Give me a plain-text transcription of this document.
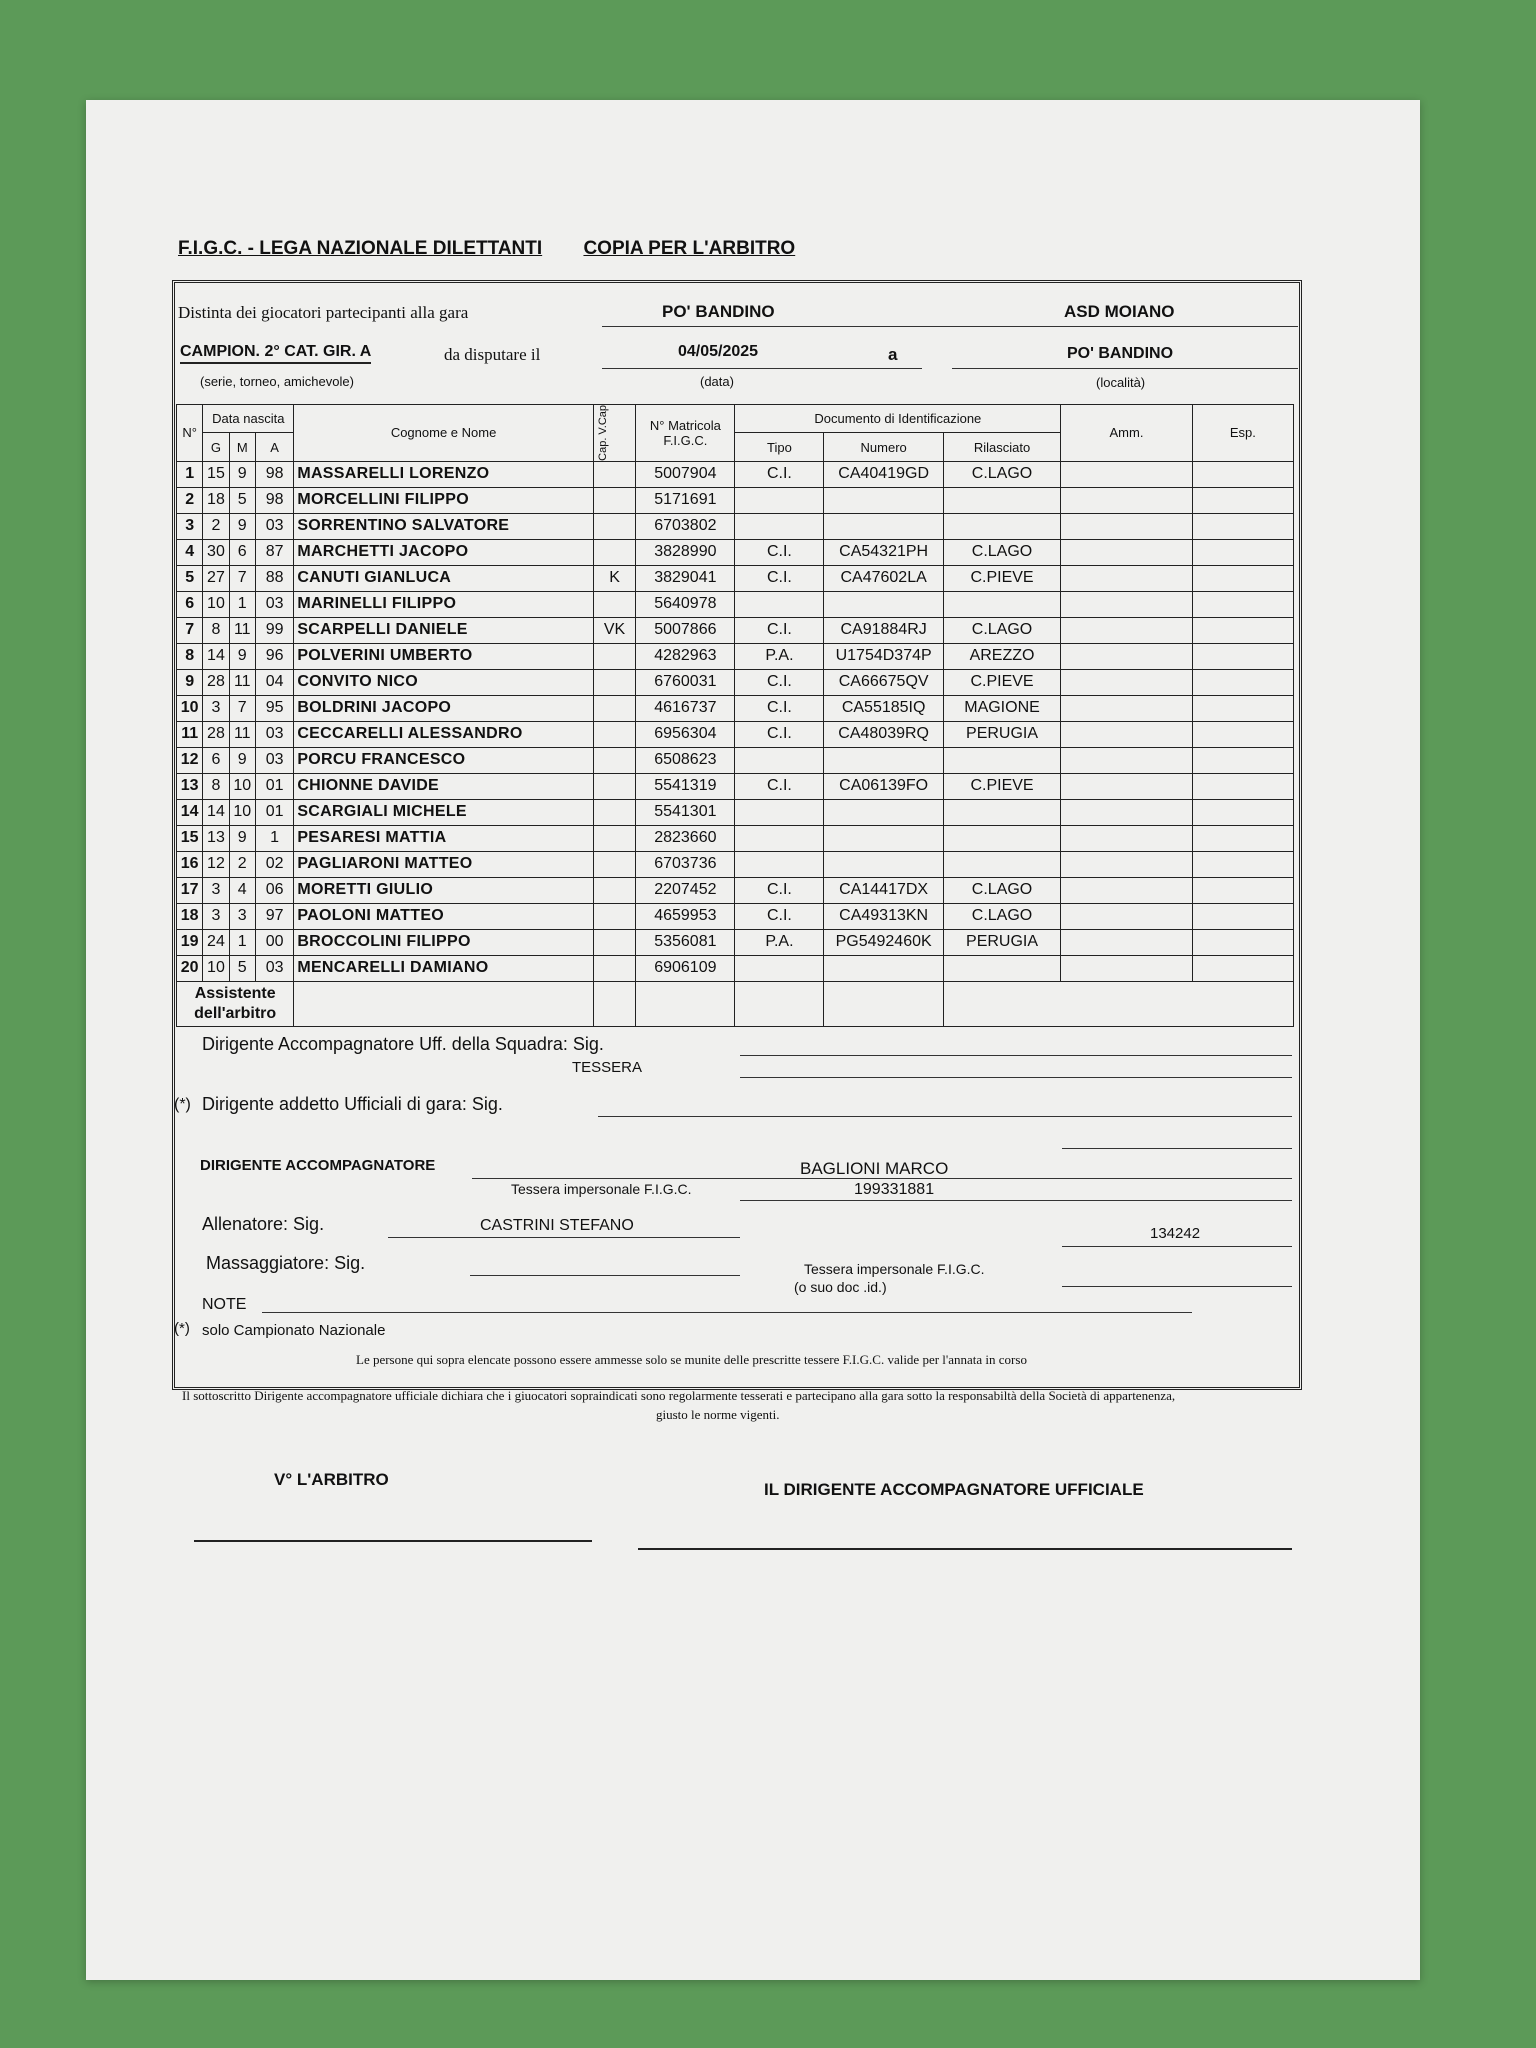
F.I.G.C. - LEGA NAZIONALE DILETTANTI COPIA PER L'ARBITRO
Distinta dei giocatori partecipanti alla gara	PO' BANDINO	ASD MOIANO
CAMPION. 2° CAT. GIR. A	da disputare il	04/05/2025	a	PO' BANDINO
(serie, torneo, amichevole)	(data)	(località)
N°	Data nascita			Cognome e Nome	Cap. V.Cap	N° Matricola F.I.G.C.	Documento di Identificazione			Amm.	Esp.
	G	M	A				Tipo	Numero	Rilasciato		
1	15	9	98	MASSARELLI LORENZO		5007904	C.I.	CA40419GD	C.LAGO		
2	18	5	98	MORCELLINI FILIPPO		5171691					
3	2	9	03	SORRENTINO SALVATORE		6703802					
4	30	6	87	MARCHETTI JACOPO		3828990	C.I.	CA54321PH	C.LAGO		
5	27	7	88	CANUTI GIANLUCA	K	3829041	C.I.	CA47602LA	C.PIEVE		
6	10	1	03	MARINELLI FILIPPO		5640978					
7	8	11	99	SCARPELLI DANIELE	VK	5007866	C.I.	CA91884RJ	C.LAGO		
8	14	9	96	POLVERINI UMBERTO		4282963	P.A.	U1754D374P	AREZZO		
9	28	11	04	CONVITO NICO		6760031	C.I.	CA66675QV	C.PIEVE		
10	3	7	95	BOLDRINI JACOPO		4616737	C.I.	CA55185IQ	MAGIONE		
11	28	11	03	CECCARELLI ALESSANDRO		6956304	C.I.	CA48039RQ	PERUGIA		
12	6	9	03	PORCU FRANCESCO		6508623					
13	8	10	01	CHIONNE DAVIDE		5541319	C.I.	CA06139FO	C.PIEVE		
14	14	10	01	SCARGIALI MICHELE		5541301					
15	13	9	1	PESARESI MATTIA		2823660					
16	12	2	02	PAGLIARONI MATTEO		6703736					
17	3	4	06	MORETTI GIULIO		2207452	C.I.	CA14417DX	C.LAGO		
18	3	3	97	PAOLONI MATTEO		4659953	C.I.	CA49313KN	C.LAGO		
19	24	1	00	BROCCOLINI FILIPPO		5356081	P.A.	PG5492460K	PERUGIA		
20	10	5	03	MENCARELLI DAMIANO		6906109					
Assistente dell'arbitro											
Dirigente Accompagnatore Uff. della Squadra: Sig.
TESSERA
(*) Dirigente addetto Ufficiali di gara: Sig.
DIRIGENTE ACCOMPAGNATORE	BAGLIONI MARCO
Tessera impersonale F.I.G.C.	199331881
Allenatore: Sig.	CASTRINI STEFANO	134242
Massaggiatore: Sig.	Tessera impersonale F.I.G.C.
(o suo doc .id.)
NOTE
(*) solo Campionato Nazionale
Le persone qui sopra elencate possono essere ammesse solo se munite delle prescritte tessere F.I.G.C. valide per l'annata in corso
Il sottoscritto Dirigente accompagnatore ufficiale dichiara che i giuocatori sopraindicati sono regolarmente tesserati e partecipano alla gara sotto la responsabiltà della Società di appartenenza,
giusto le norme vigenti.
V° L'ARBITRO
IL DIRIGENTE ACCOMPAGNATORE UFFICIALE
